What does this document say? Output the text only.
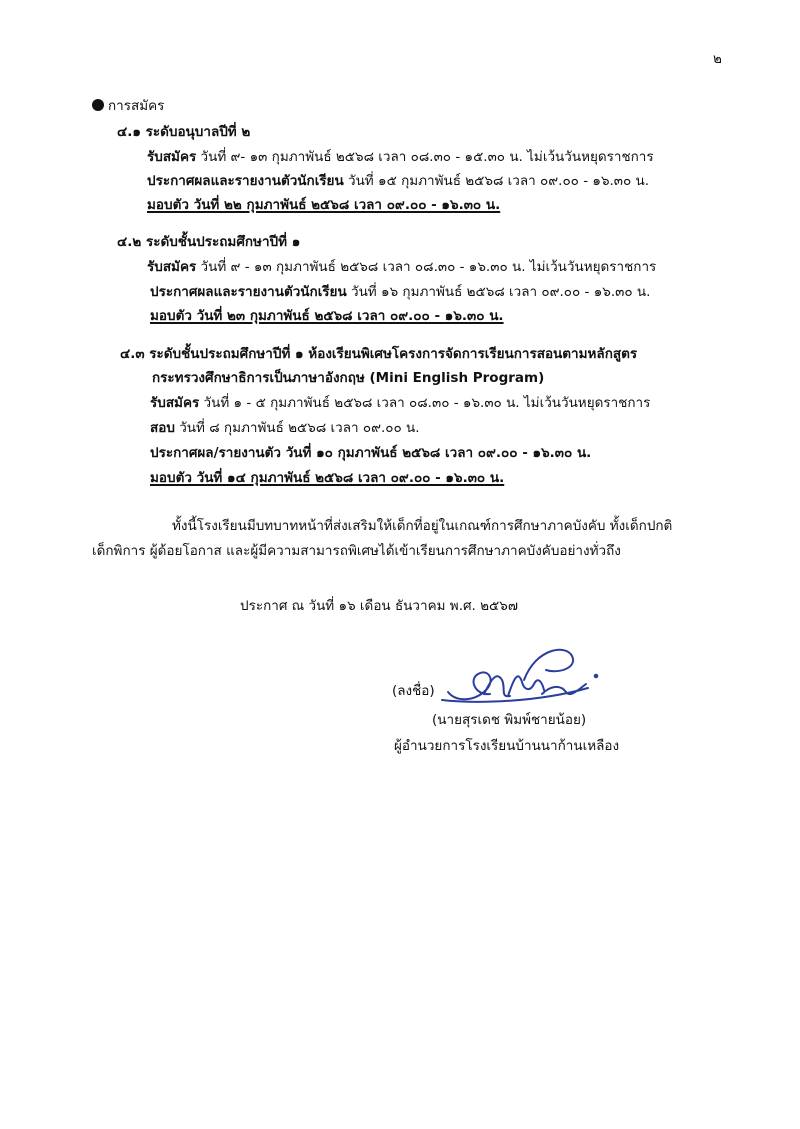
๒
การสมัคร
๔.๑ ระดับอนุบาลปีที่ ๒
รับสมัคร วันที่ ๙- ๑๓ กุมภาพันธ์ ๒๕๖๘ เวลา ๐๘.๓๐ - ๑๕.๓๐ น. ไม่เว้นวันหยุดราชการ
ประกาศผลและรายงานตัวนักเรียน วันที่ ๑๕ กุมภาพันธ์ ๒๕๖๘ เวลา ๐๙.๐๐ - ๑๖.๓๐ น.
มอบตัว วันที่ ๒๒ กุมภาพันธ์ ๒๕๖๘ เวลา ๐๙.๐๐ - ๑๖.๓๐ น.
๔.๒ ระดับชั้นประถมศึกษาปีที่ ๑
รับสมัคร วันที่ ๙ - ๑๓ กุมภาพันธ์ ๒๕๖๘ เวลา ๐๘.๓๐ - ๑๖.๓๐ น. ไม่เว้นวันหยุดราชการ
ประกาศผลและรายงานตัวนักเรียน วันที่ ๑๖ กุมภาพันธ์ ๒๕๖๘ เวลา ๐๙.๐๐ - ๑๖.๓๐ น.
มอบตัว วันที่ ๒๓ กุมภาพันธ์ ๒๕๖๘ เวลา ๐๙.๐๐ - ๑๖.๓๐ น.
๔.๓ ระดับชั้นประถมศึกษาปีที่ ๑ ห้องเรียนพิเศษโครงการจัดการเรียนการสอนตามหลักสูตร
กระทรวงศึกษาธิการเป็นภาษาอังกฤษ (Mini English Program)
รับสมัคร วันที่ ๑ - ๕ กุมภาพันธ์ ๒๕๖๘ เวลา ๐๘.๓๐ - ๑๖.๓๐ น. ไม่เว้นวันหยุดราชการ
สอบ วันที่ ๘ กุมภาพันธ์ ๒๕๖๘ เวลา ๐๙.๐๐ น.
ประกาศผล/รายงานตัว วันที่ ๑๐ กุมภาพันธ์ ๒๕๖๘ เวลา ๐๙.๐๐ - ๑๖.๓๐ น.
มอบตัว วันที่ ๑๔ กุมภาพันธ์ ๒๕๖๘ เวลา ๐๙.๐๐ - ๑๖.๓๐ น.
ทั้งนี้โรงเรียนมีบทบาทหน้าที่ส่งเสริมให้เด็กที่อยู่ในเกณฑ์การศึกษาภาคบังคับ ทั้งเด็กปกติ
เด็กพิการ ผู้ด้อยโอกาส และผู้มีความสามารถพิเศษได้เข้าเรียนการศึกษาภาคบังคับอย่างทั่วถึง
ประกาศ ณ วันที่ ๑๖ เดือน ธันวาคม พ.ศ. ๒๕๖๗
(ลงชื่อ)
(นายสุรเดช พิมพ์ชายน้อย)
ผู้อำนวยการโรงเรียนบ้านนาก้านเหลือง
